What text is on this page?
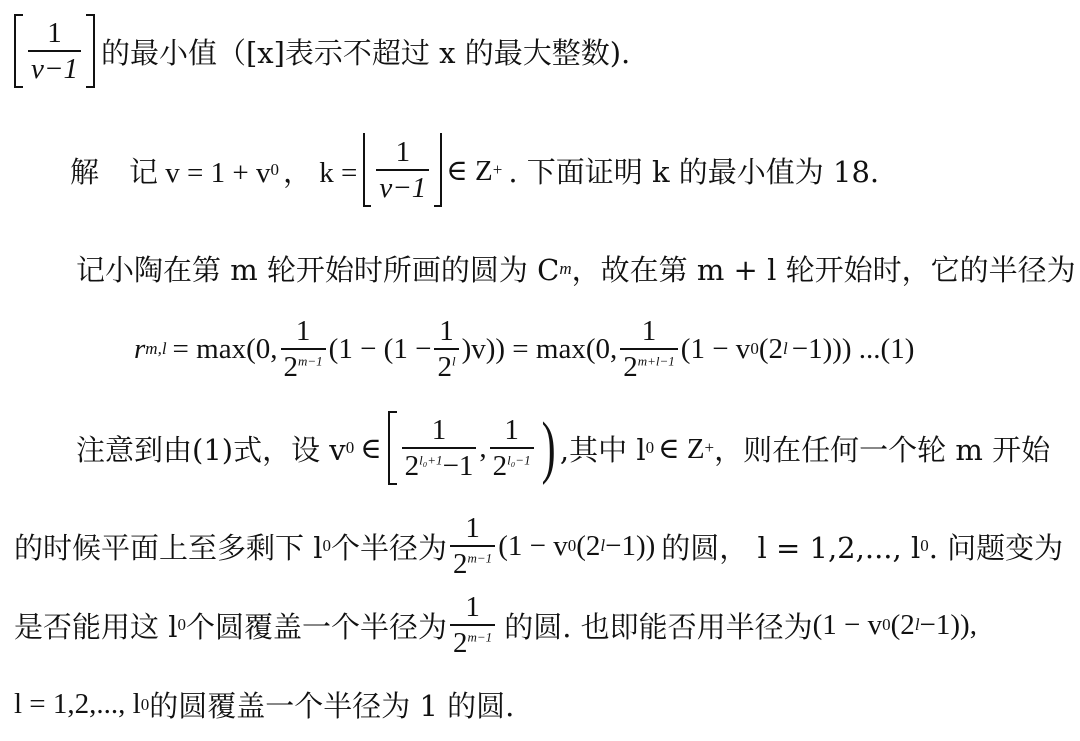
$\frac{1}{v-1}$ 的最小值（[x]表示不超过 x 的最大整数).
解 记 v = 1 + v 0 ， $k = \frac{1}{v-1}$ ∈ Z + . 下面证明 k 的最小值为 18.
记小陶在第 m 轮开始时所画的圆为 C m ，故在第 m + l 轮开始时，它的半径为
r m,l = max(0, $\frac{1}{2^{m-1}} (1 - (1 - \frac{1}{2^l} )v)) = \max(0$, $\frac{1}{2^{m+l-1}} (1 - v$ 0 (2 l −1))) ...(1)
注意到由(1)式，设 v 0 ∈ $\frac{1}{2^{l_0+1}-1}$ , $\frac{1}{2^{l_0-1}}$ ) ,其中 l 0 ∈ Z + ，则在任何一个轮 m 开始
的时候平面上至多剩下 l 0 个半径为 $\frac{1}{2^{m-1}} (1 - v$ 0 (2 l −1)) 的圆， l = 1,2,..., l 0 . 问题变为
是否能用这 l 0 个圆覆盖一个半径为 $\frac{1}{2^{m-1}}$ 的圆. 也即能否用半径为 (1 − v 0 (2 l −1)),
l = 1,2,..., l 0 的圆覆盖一个半径为 1 的圆.
